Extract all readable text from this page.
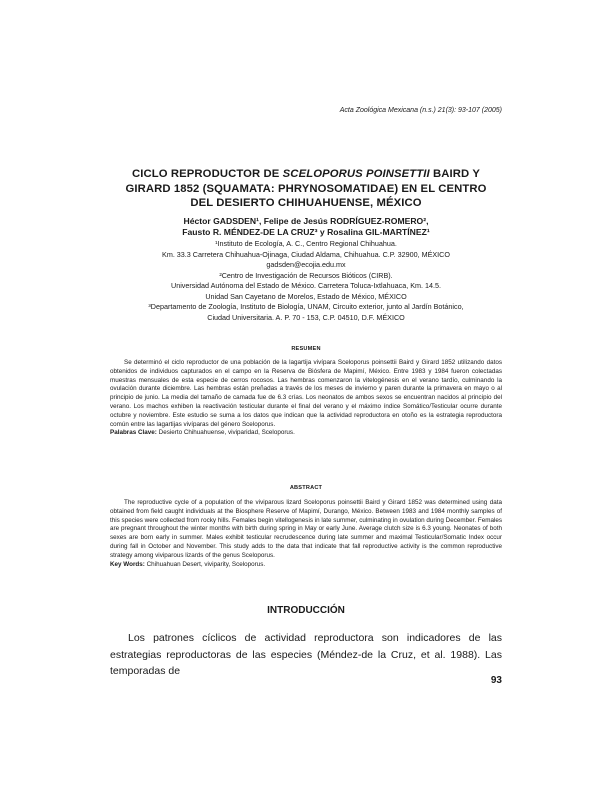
Acta Zoológica Mexicana (n.s.) 21(3): 93-107 (2005)
CICLO REPRODUCTOR DE SCELOPORUS POINSETTII BAIRD Y
GIRARD 1852 (SQUAMATA: PHRYNOSOMATIDAE) EN EL CENTRO
DEL DESIERTO CHIHUAHUENSE, MÉXICO
Héctor GADSDEN¹, Felipe de Jesús RODRÍGUEZ-ROMERO²,
Fausto R. MÉNDEZ-DE LA CRUZ³ y Rosalina GIL-MARTÍNEZ¹
¹Instituto de Ecología, A. C., Centro Regional Chihuahua.
Km. 33.3 Carretera Chihuahua-Ojinaga, Ciudad Aldama, Chihuahua. C.P. 32900, MÉXICO
gadsden@ecojia.edu.mx
²Centro de Investigación de Recursos Bióticos (CIRB).
Universidad Autónoma del Estado de México. Carretera Toluca-Ixtlahuaca, Km. 14.5.
Unidad San Cayetano de Morelos, Estado de México, MÉXICO
³Departamento de Zoología, Instituto de Biología, UNAM, Circuito exterior, junto al Jardín Botánico,
Ciudad Universitaria. A. P. 70 - 153, C.P. 04510, D.F. MÉXICO
RESUMEN

Se determinó el ciclo reproductor de una población de la lagartija vivípara Sceloporus poinsettii Baird y Girard 1852 utilizando datos obtenidos de individuos capturados en el campo en la Reserva de Biósfera de Mapimí, México. Entre 1983 y 1984 fueron colectadas muestras mensuales de esta especie de cerros rocosos. Las hembras comenzaron la vitelogénesis en el verano tardío, culminando la ovulación durante diciembre. Las hembras están preñadas a través de los meses de invierno y paren durante la primavera en mayo o al principio de junio. La media del tamaño de camada fue de 6.3 crías. Los neonatos de ambos sexos se encuentran nacidos al principio del verano. Los machos exhiben la reactivación testicular durante el final del verano y el máximo índice Somático/Testicular ocurre durante octubre y noviembre. Este estudio se suma a los datos que indican que la actividad reproductora en otoño es la estrategia reproductora común entre las lagartijas vivíparas del género Sceloporus.

Palabras Clave: Desierto Chihuahuense, viviparidad, Sceloporus.

ABSTRACT

The reproductive cycle of a population of the viviparous lizard Sceloporus poinsettii Baird y Girard 1852 was determined using data obtained from field caught individuals at the Biosphere Reserve of Mapimí, Durango, México. Between 1983 and 1984 monthly samples of this species were collected from rocky hills. Females begin vitellogenesis in late summer, culminating in ovulation during December. Females are pregnant throughout the winter months with birth during spring in May or early June. Average clutch size is 6.3 young. Neonates of both sexes are born early in summer. Males exhibit testicular recrudescence during late summer and maximal Testicular/Somatic Index occur during fall in October and November. This study adds to the data that indicate that fall reproductive activity is the common reproductive strategy among viviparous lizards of the genus Sceloporus.

Key Words: Chihuahuan Desert, viviparity, Sceloporus.

INTRODUCCIÓN

Los patrones cíclicos de actividad reproductora son indicadores de las estrategias reproductoras de las especies (Méndez-de la Cruz, et al. 1988). Las temporadas de

93
